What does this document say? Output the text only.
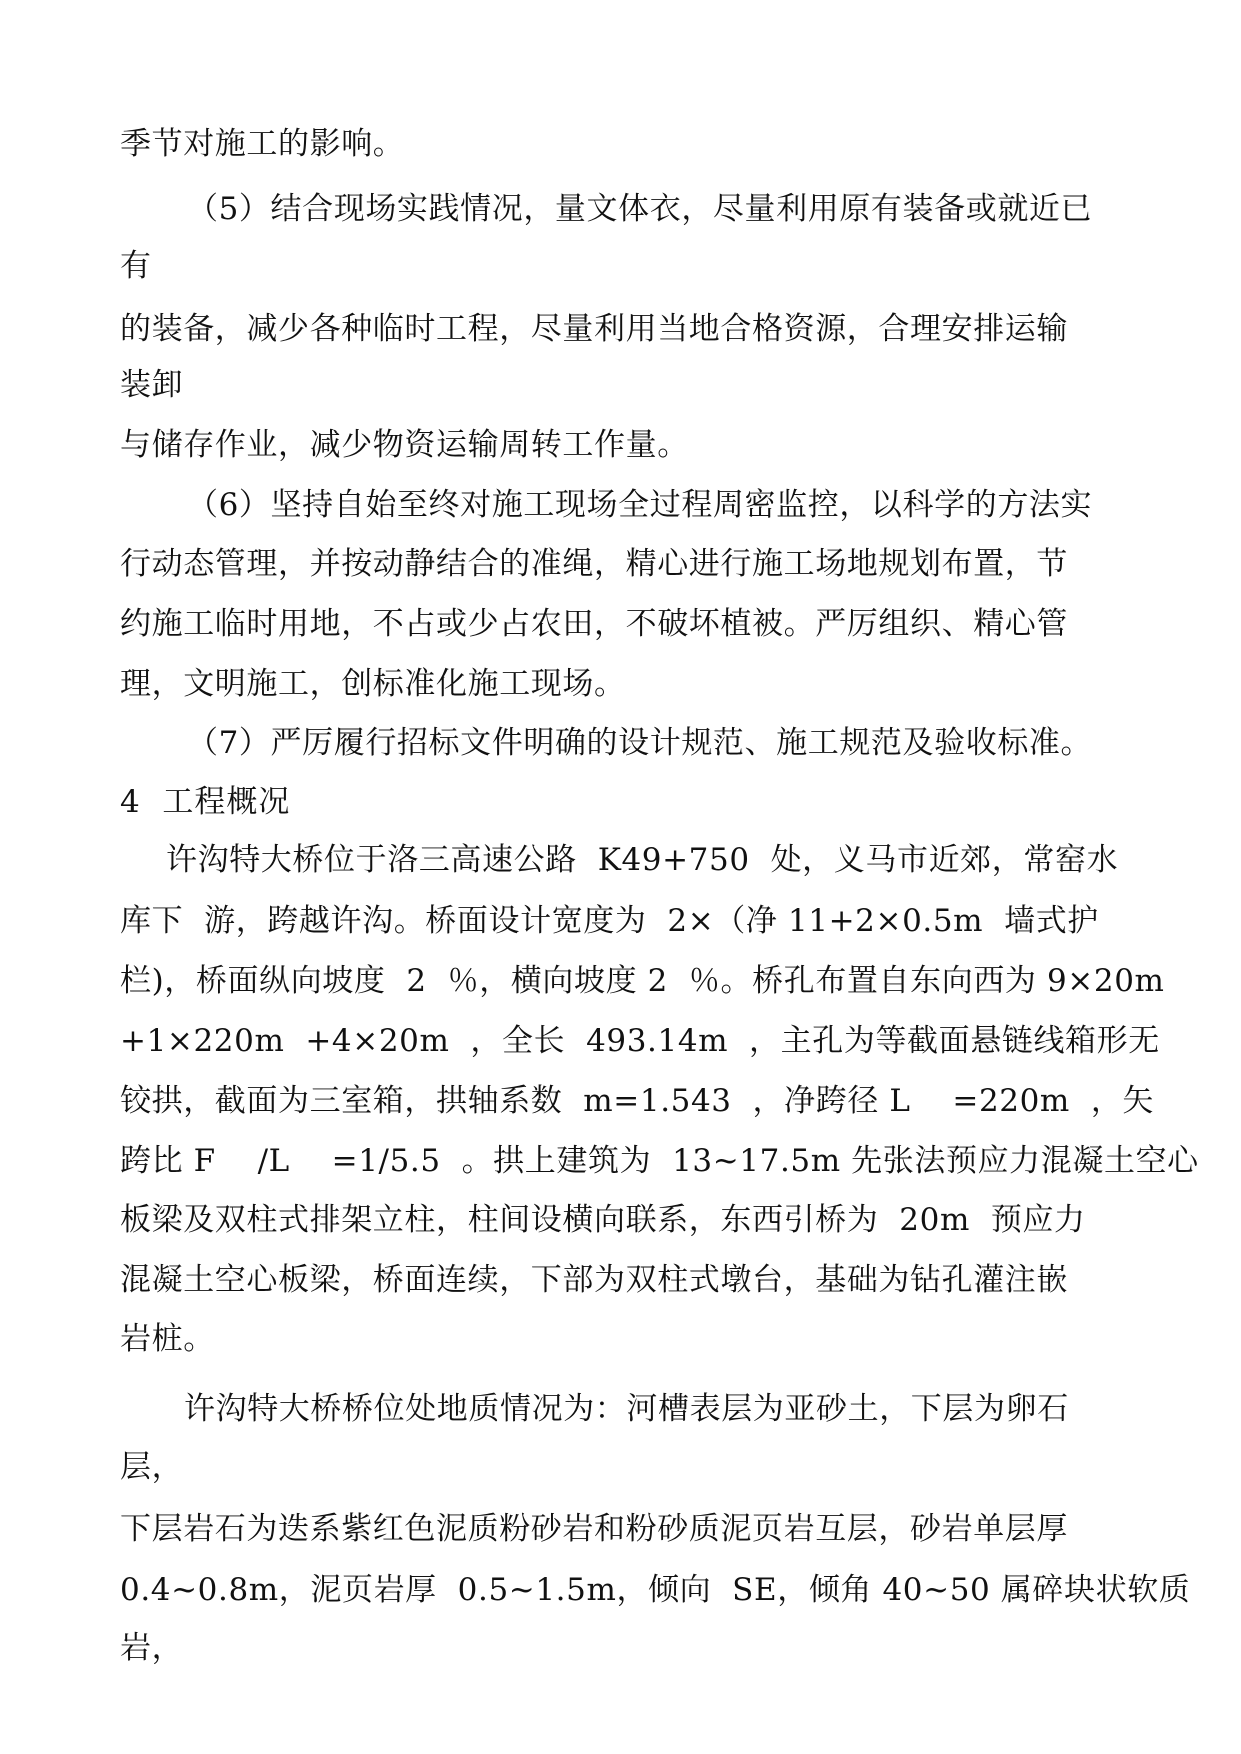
季节对施工的影响。

（5）结合现场实践情况，量文体衣，尽量利用原有装备或就近已

有

的装备，减少各种临时工程，尽量利用当地合格资源，合理安排运输

装卸

与储存作业，减少物资运输周转工作量。

（6）坚持自始至终对施工现场全过程周密监控，以科学的方法实

行动态管理，并按动静结合的准绳，精心进行施工场地规划布置，节

约施工临时用地，不占或少占农田，不破坏植被。严厉组织、精心管

理，文明施工，创标准化施工现场。

（7）严厉履行招标文件明确的设计规范、施工规范及验收标准。

4  工程概况

许沟特大桥位于洛三高速公路  K49+750  处，义马市近郊，常窑水

库下  游，跨越许沟。桥面设计宽度为  2×（净 11+2×0.5m  墙式护

栏)，桥面纵向坡度  2  ％，横向坡度 2  ％。桥孔布置自东向西为 9×20m

+1×220m  +4×20m  ，全长  493.14m  ，主孔为等截面悬链线箱形无

铰拱，截面为三室箱，拱轴系数  m=1.543  ，净跨径 L    =220m  ，矢

跨比 F    /L    =1/5.5  。拱上建筑为  13~17.5m 先张法预应力混凝土空心

板梁及双柱式排架立柱，柱间设横向联系，东西引桥为  20m  预应力

混凝土空心板梁，桥面连续，下部为双柱式墩台，基础为钻孔灌注嵌

岩桩。

许沟特大桥桥位处地质情况为：河槽表层为亚砂土，下层为卵石

层，

下层岩石为迭系紫红色泥质粉砂岩和粉砂质泥页岩互层，砂岩单层厚

0.4~0.8m，泥页岩厚  0.5~1.5m，倾向  SE，倾角 40~50 属碎块状软质

岩，
